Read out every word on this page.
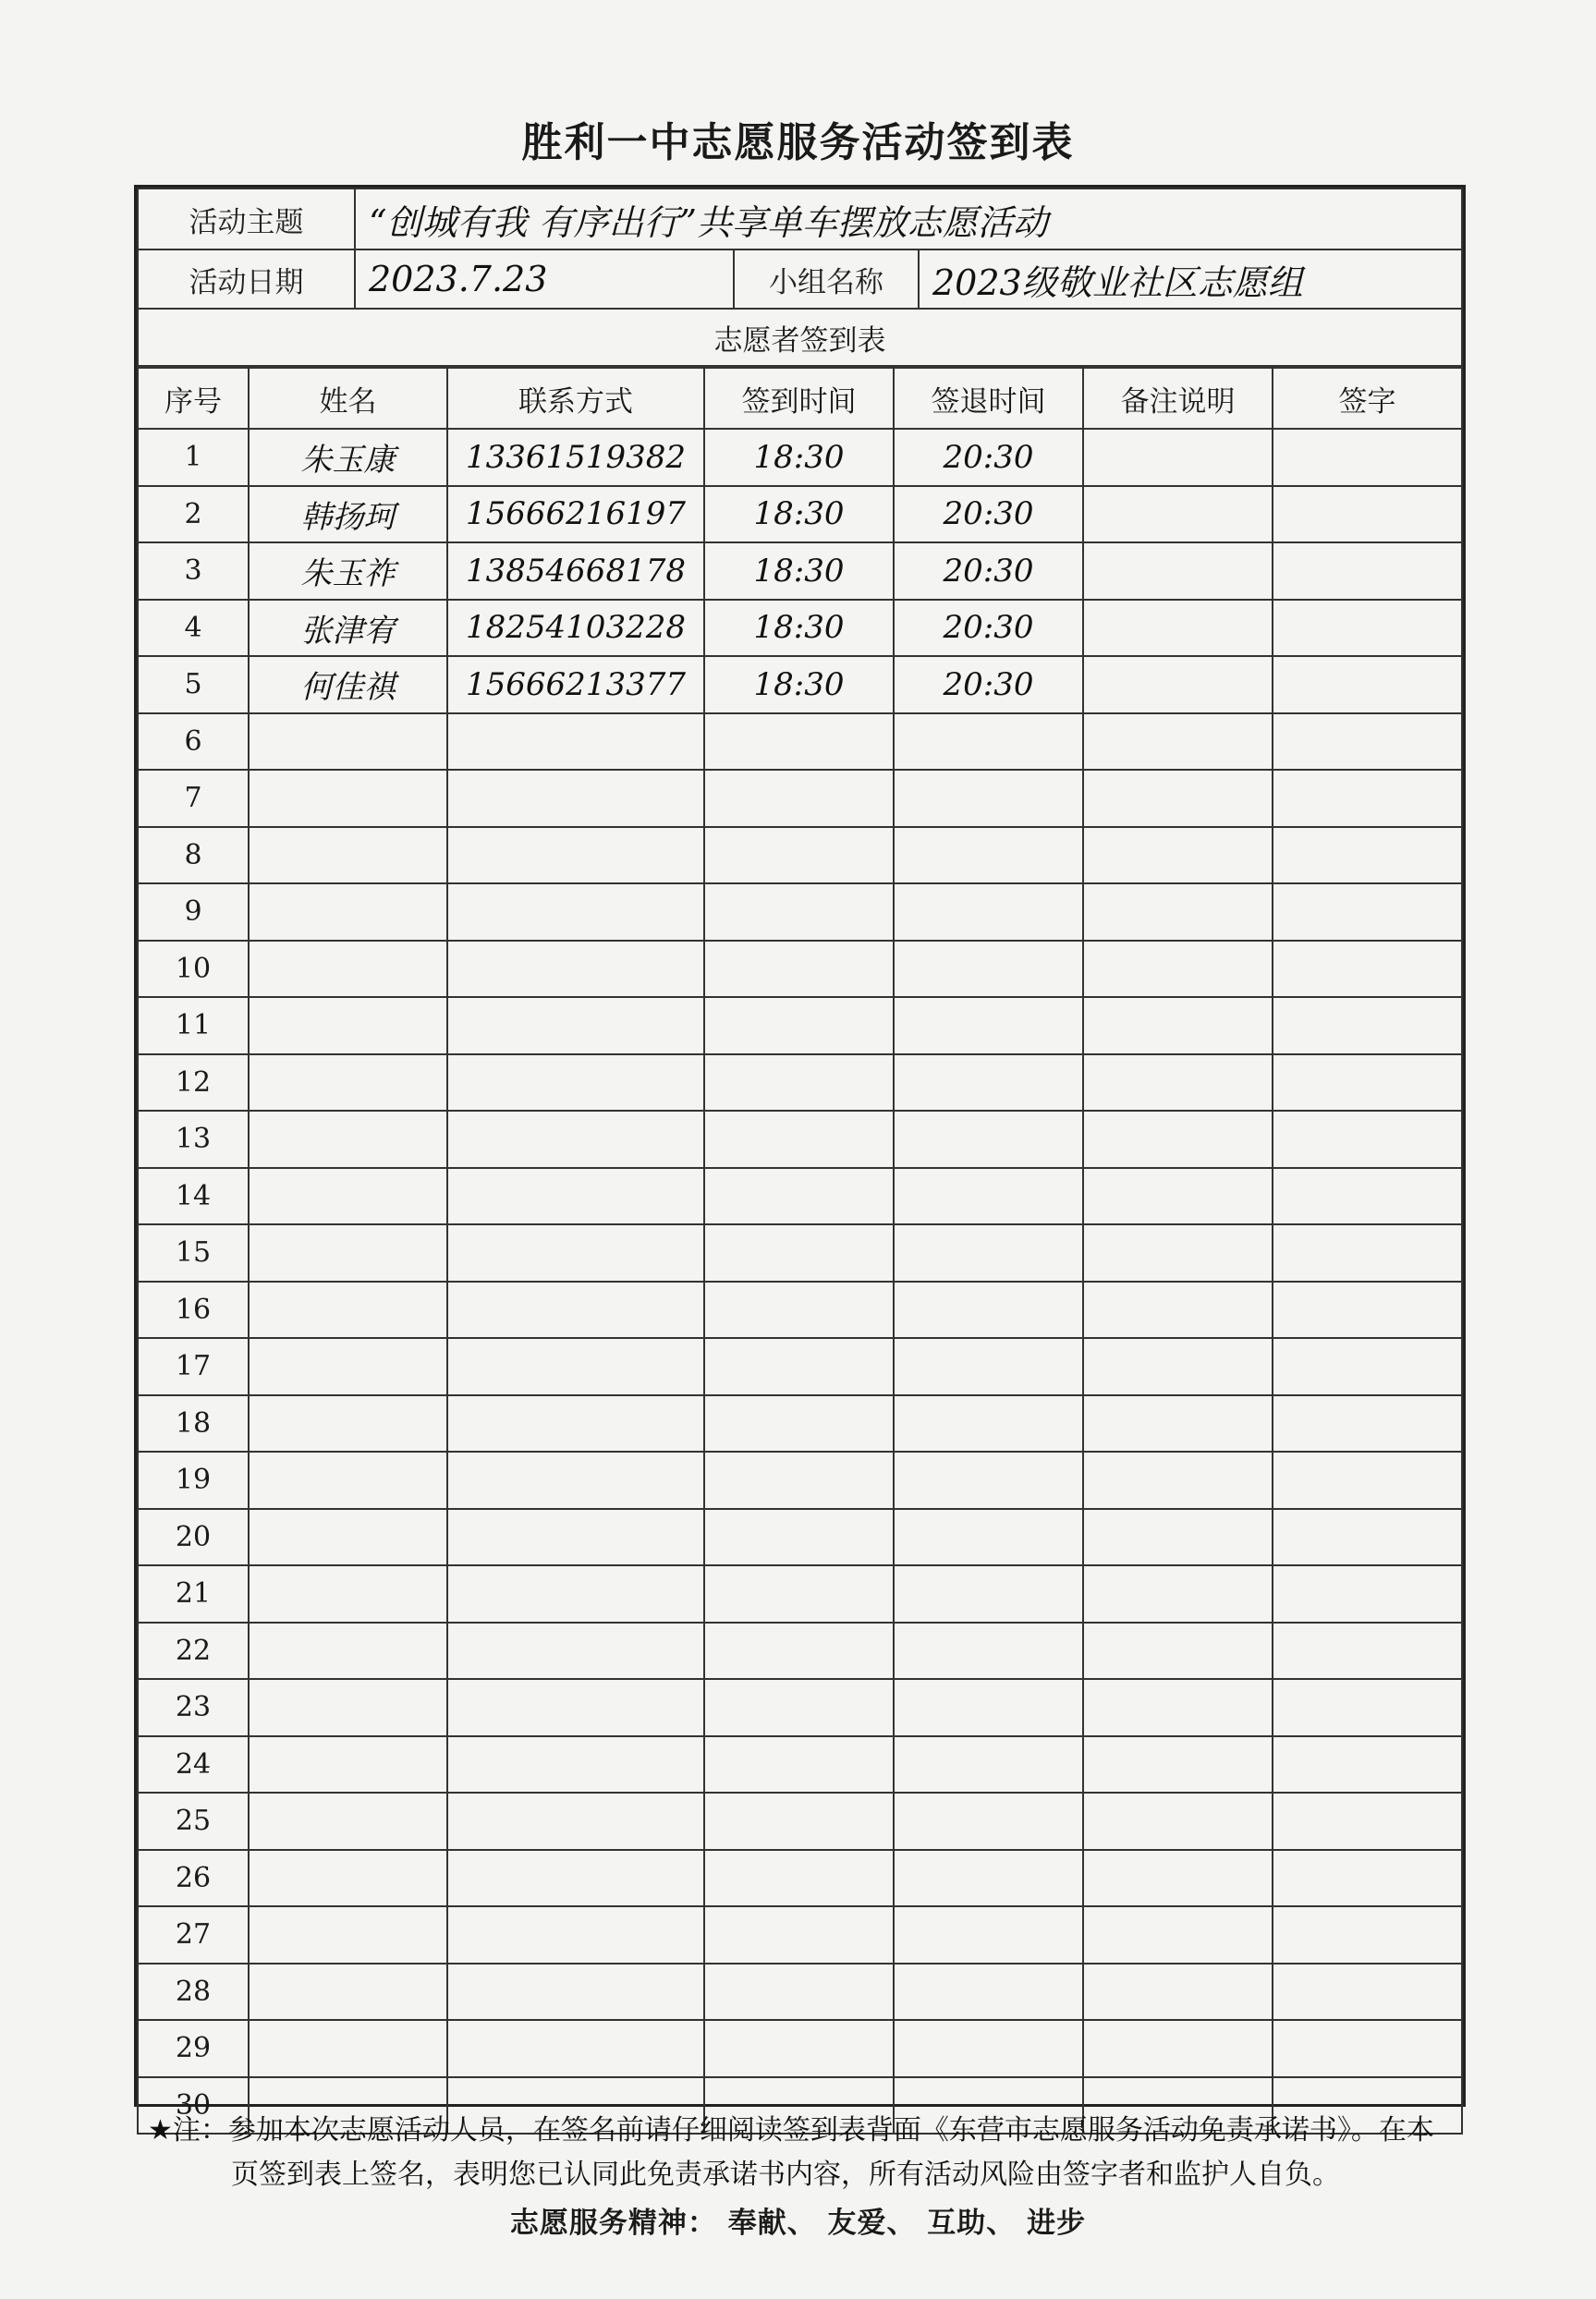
胜利一中志愿服务活动签到表
活动主题	“创城有我 有序出行”共享单车摆放志愿活动		
活动日期	2023.7.23	小组名称	2023级敬业社区志愿组
志愿者签到表			
序号	姓名	联系方式	签到时间	签退时间	备注说明	签字
1	朱玉康	13361519382	18:30	20:30		
2	韩扬珂	15666216197	18:30	20:30		
3	朱玉祚	13854668178	18:30	20:30		
4	张津宥	18254103228	18:30	20:30		
5	何佳祺	15666213377	18:30	20:30		
6						
7						
8						
9						
10						
11						
12						
13						
14						
15						
16						
17						
18						
19						
20						
21						
22						
23						
24						
25						
26						
27						
28						
29						
30						
★注：参加本次志愿活动人员，在签名前请仔细阅读签到表背面《东营市志愿服务活动免责承诺书》。在本
页签到表上签名，表明您已认同此免责承诺书内容，所有活动风险由签字者和监护人自负。
志愿服务精神： 奉献、 友爱、 互助、 进步
